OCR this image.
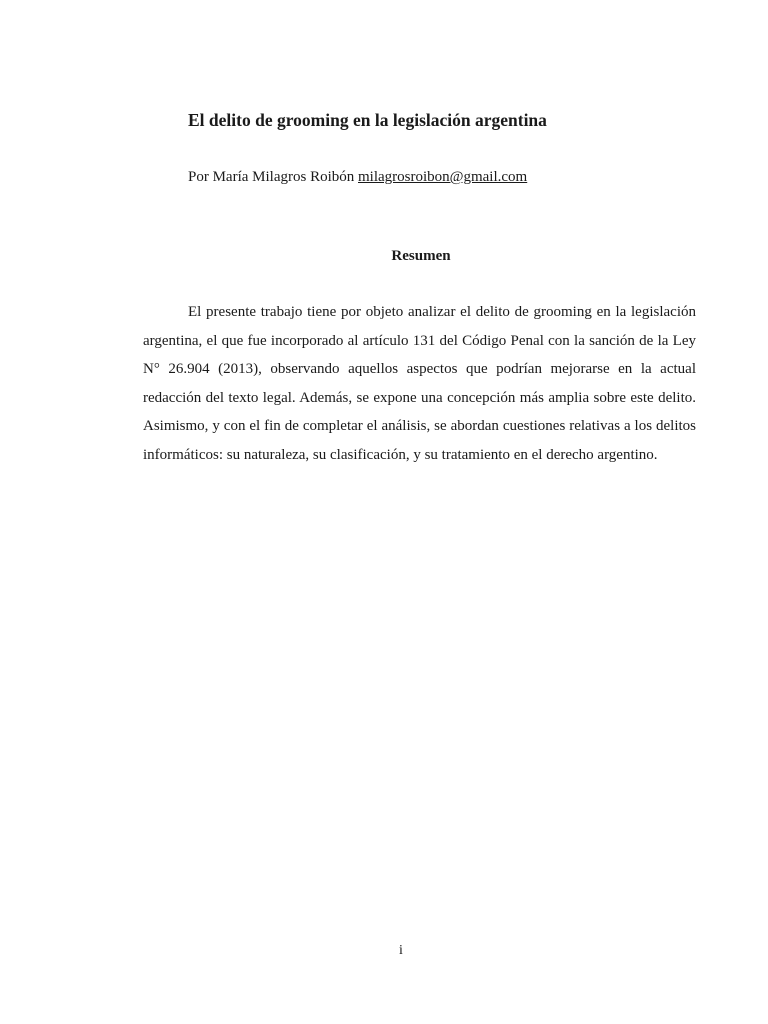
El delito de grooming en la legislación argentina
Por María Milagros Roibón milagrosroibon@gmail.com
Resumen

El presente trabajo tiene por objeto analizar el delito de grooming en la legislación argentina, el que fue incorporado al artículo 131 del Código Penal con la sanción de la Ley N° 26.904 (2013), observando aquellos aspectos que podrían mejorarse en la actual redacción del texto legal. Además, se expone una concepción más amplia sobre este delito. Asimismo, y con el fin de completar el análisis, se abordan cuestiones relativas a los delitos informáticos: su naturaleza, su clasificación, y su tratamiento en el derecho argentino.

i
